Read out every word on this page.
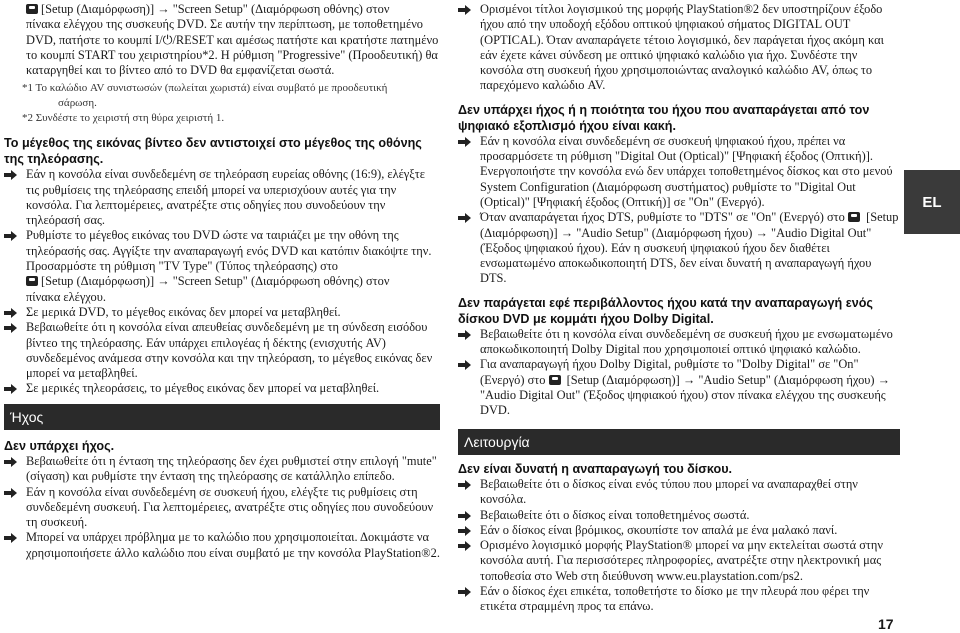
[Setup (Διαμόρφωση)] → "Screen Setup" (Διαμόρφωση οθόνης) στον

πίνακα ελέγχου της συσκευής DVD. Σε αυτήν την περίπτωση, με τοποθετημένο DVD, πατήστε το κουμπί I/⏻/RESET και αμέσως πατήστε και κρατήστε πατημένο το κουμπί START του χειριστηρίου*2. Η ρύθμιση "Progressive" (Προοδευτική) θα καταργηθεί και το βίντεο από το DVD θα εμφανίζεται σωστά.

*1 Το καλώδιο AV συνιστωσών (πωλείται χωριστά) είναι συμβατό με προοδευτική

σάρωση.

*2 Συνδέστε το χειριστή στη θύρα χειριστή 1.

Το μέγεθος της εικόνας βίντεο δεν αντιστοιχεί στο μέγεθος της οθόνης της τηλεόρασης.

Εάν η κονσόλα είναι συνδεδεμένη σε τηλεόραση ευρείας οθόνης (16:9), ελέγξτε τις ρυθμίσεις της τηλεόρασης επειδή μπορεί να υπερισχύουν αυτές για την κονσόλα. Για λεπτομέρειες, ανατρέξτε στις οδηγίες που συνοδεύουν την τηλεόρασή σας.
Ρυθμίστε το μέγεθος εικόνας του DVD ώστε να ταιριάζει με την οθόνη της τηλεόρασής σας. Αγγίξτε την αναπαραγωγή ενός DVD και κατόπιν διακόψτε την. Προσαρμόστε τη ρύθμιση "TV Type" (Τύπος τηλεόρασης) στο
[Setup (Διαμόρφωση)] → "Screen Setup" (Διαμόρφωση οθόνης) στον
πίνακα ελέγχου.
Σε μερικά DVD, το μέγεθος εικόνας δεν μπορεί να μεταβληθεί.
Βεβαιωθείτε ότι η κονσόλα είναι απευθείας συνδεδεμένη με τη σύνδεση εισόδου βίντεο της τηλεόρασης. Εάν υπάρχει επιλογέας ή δέκτης (ενισχυτής AV) συνδεδεμένος ανάμεσα στην κονσόλα και την τηλεόραση, το μέγεθος εικόνας δεν μπορεί να μεταβληθεί.
Σε μερικές τηλεοράσεις, το μέγεθος εικόνας δεν μπορεί να μεταβληθεί.
Ήχος

Δεν υπάρχει ήχος.

Βεβαιωθείτε ότι η ένταση της τηλεόρασης δεν έχει ρυθμιστεί στην επιλογή "mute" (σίγαση) και ρυθμίστε την ένταση της τηλεόρασης σε κατάλληλο επίπεδο.
Εάν η κονσόλα είναι συνδεδεμένη σε συσκευή ήχου, ελέγξτε τις ρυθμίσεις στη συνδεδεμένη συσκευή. Για λεπτομέρειες, ανατρέξτε στις οδηγίες που συνοδεύουν τη συσκευή.
Μπορεί να υπάρχει πρόβλημα με το καλώδιο που χρησιμοποιείται. Δοκιμάστε να χρησιμοποιήσετε άλλο καλώδιο που είναι συμβατό με την κονσόλα PlayStation®2.
Ορισμένοι τίτλοι λογισμικού της μορφής PlayStation®2 δεν υποστηρίζουν έξοδο ήχου από την υποδοχή εξόδου οπτικού ψηφιακού σήματος DIGITAL OUT (OPTICAL). Όταν αναπαράγετε τέτοιο λογισμικό, δεν παράγεται ήχος ακόμη και εάν έχετε κάνει σύνδεση με οπτικό ψηφιακό καλώδιο για ήχο. Συνδέστε την κονσόλα στη συσκευή ήχου χρησιμοποιώντας αναλογικό καλώδιο AV, όπως το παρεχόμενο καλώδιο AV.

Δεν υπάρχει ήχος ή η ποιότητα του ήχου που αναπαράγεται από τον ψηφιακό εξοπλισμό ήχου είναι κακή.

Εάν η κονσόλα είναι συνδεδεμένη σε συσκευή ψηφιακού ήχου, πρέπει να προσαρμόσετε τη ρύθμιση "Digital Out (Optical)" [Ψηφιακή έξοδος (Οπτική)]. Ενεργοποιήστε την κονσόλα ενώ δεν υπάρχει τοποθετημένος δίσκος και στο μενού System Configuration (Διαμόρφωση συστήματος) ρυθμίστε το "Digital Out (Optical)" [Ψηφιακή έξοδος (Οπτική)] σε "On" (Ενεργό).
Όταν αναπαράγεται ήχος DTS, ρυθμίστε το "DTS" σε "On" (Ενεργό) στο [Setup (Διαμόρφωση)] → "Audio Setup" (Διαμόρφωση ήχου) → "Audio Digital Out" (Έξοδος ψηφιακού ήχου). Εάν η συσκευή ψηφιακού ήχου δεν διαθέτει ενσωματωμένο αποκωδικοποιητή DTS, δεν είναι δυνατή η αναπαραγωγή ήχου DTS.

Δεν παράγεται εφέ περιβάλλοντος ήχου κατά την αναπαραγωγή ενός δίσκου DVD με κομμάτι ήχου Dolby Digital.

Βεβαιωθείτε ότι η κονσόλα είναι συνδεδεμένη σε συσκευή ήχου με ενσωματωμένο αποκωδικοποιητή Dolby Digital που χρησιμοποιεί οπτικό ψηφιακό καλώδιο.
Για αναπαραγωγή ήχου Dolby Digital, ρυθμίστε το "Dolby Digital" σε "On" (Ενεργό) στο [Setup (Διαμόρφωση)] → "Audio Setup" (Διαμόρφωση ήχου) → "Audio Digital Out" (Έξοδος ψηφιακού ήχου) στον πίνακα ελέγχου της συσκευής DVD.
Λειτουργία

Δεν είναι δυνατή η αναπαραγωγή του δίσκου.

Βεβαιωθείτε ότι ο δίσκος είναι ενός τύπου που μπορεί να αναπαραχθεί στην κονσόλα.
Βεβαιωθείτε ότι ο δίσκος είναι τοποθετημένος σωστά.
Εάν ο δίσκος είναι βρόμικος, σκουπίστε τον απαλά με ένα μαλακό πανί.
Ορισμένο λογισμικό μορφής PlayStation® μπορεί να μην εκτελείται σωστά στην κονσόλα αυτή. Για περισσότερες πληροφορίες, ανατρέξτε στην ηλεκτρονική μας τοποθεσία στο Web στη διεύθυνση www.eu.playstation.com/ps2.
Εάν ο δίσκος έχει επικέτα, τοποθετήστε το δίσκο με την πλευρά που φέρει την ετικέτα στραμμένη προς τα επάνω.
EL
17
